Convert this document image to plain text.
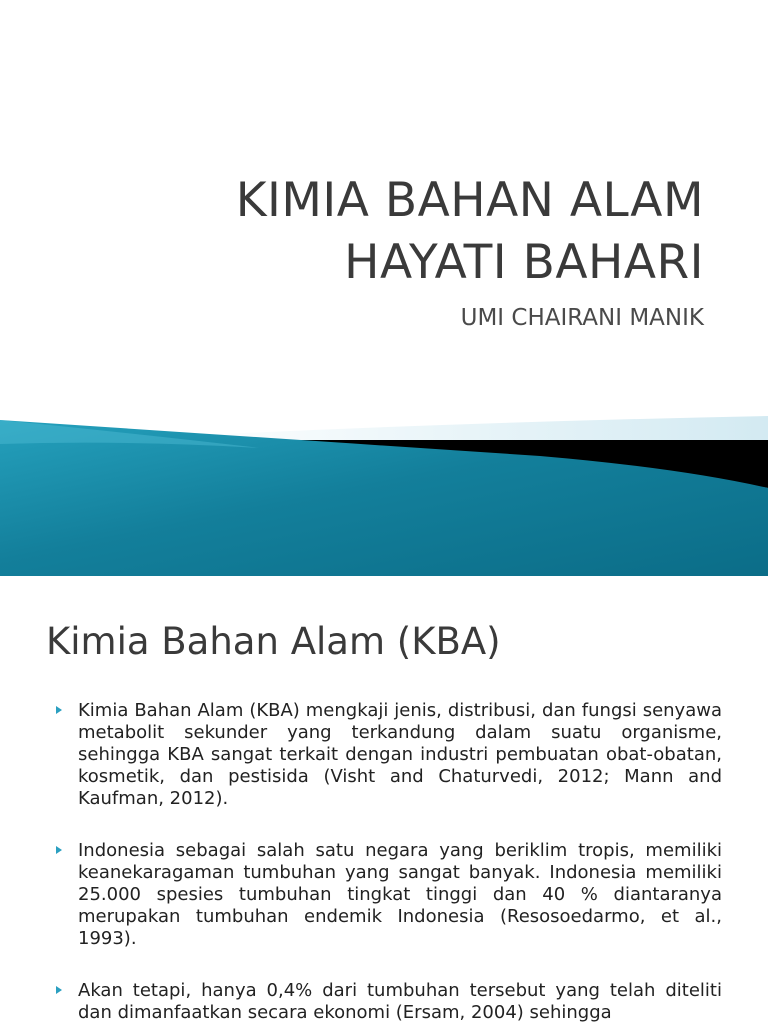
KIMIA BAHAN ALAM
HAYATI BAHARI
UMI CHAIRANI MANIK
Kimia Bahan Alam (KBA)
Kimia Bahan Alam (KBA) mengkaji jenis, distribusi, dan fungsi senyawa metabolit sekunder yang terkandung dalam suatu organisme, sehingga KBA sangat terkait dengan industri pembuatan obat-obatan, kosmetik, dan pestisida (Visht and Chaturvedi, 2012; Mann and Kaufman, 2012).
Indonesia sebagai salah satu negara yang beriklim tropis, memiliki keanekaragaman tumbuhan yang sangat banyak. Indonesia memiliki 25.000 spesies tumbuhan tingkat tinggi dan 40 % diantaranya merupakan tumbuhan endemik Indonesia (Resosoedarmo, et al., 1993).
Akan tetapi, hanya 0,4% dari tumbuhan tersebut yang telah diteliti dan dimanfaatkan secara ekonomi (Ersam, 2004) sehingga
